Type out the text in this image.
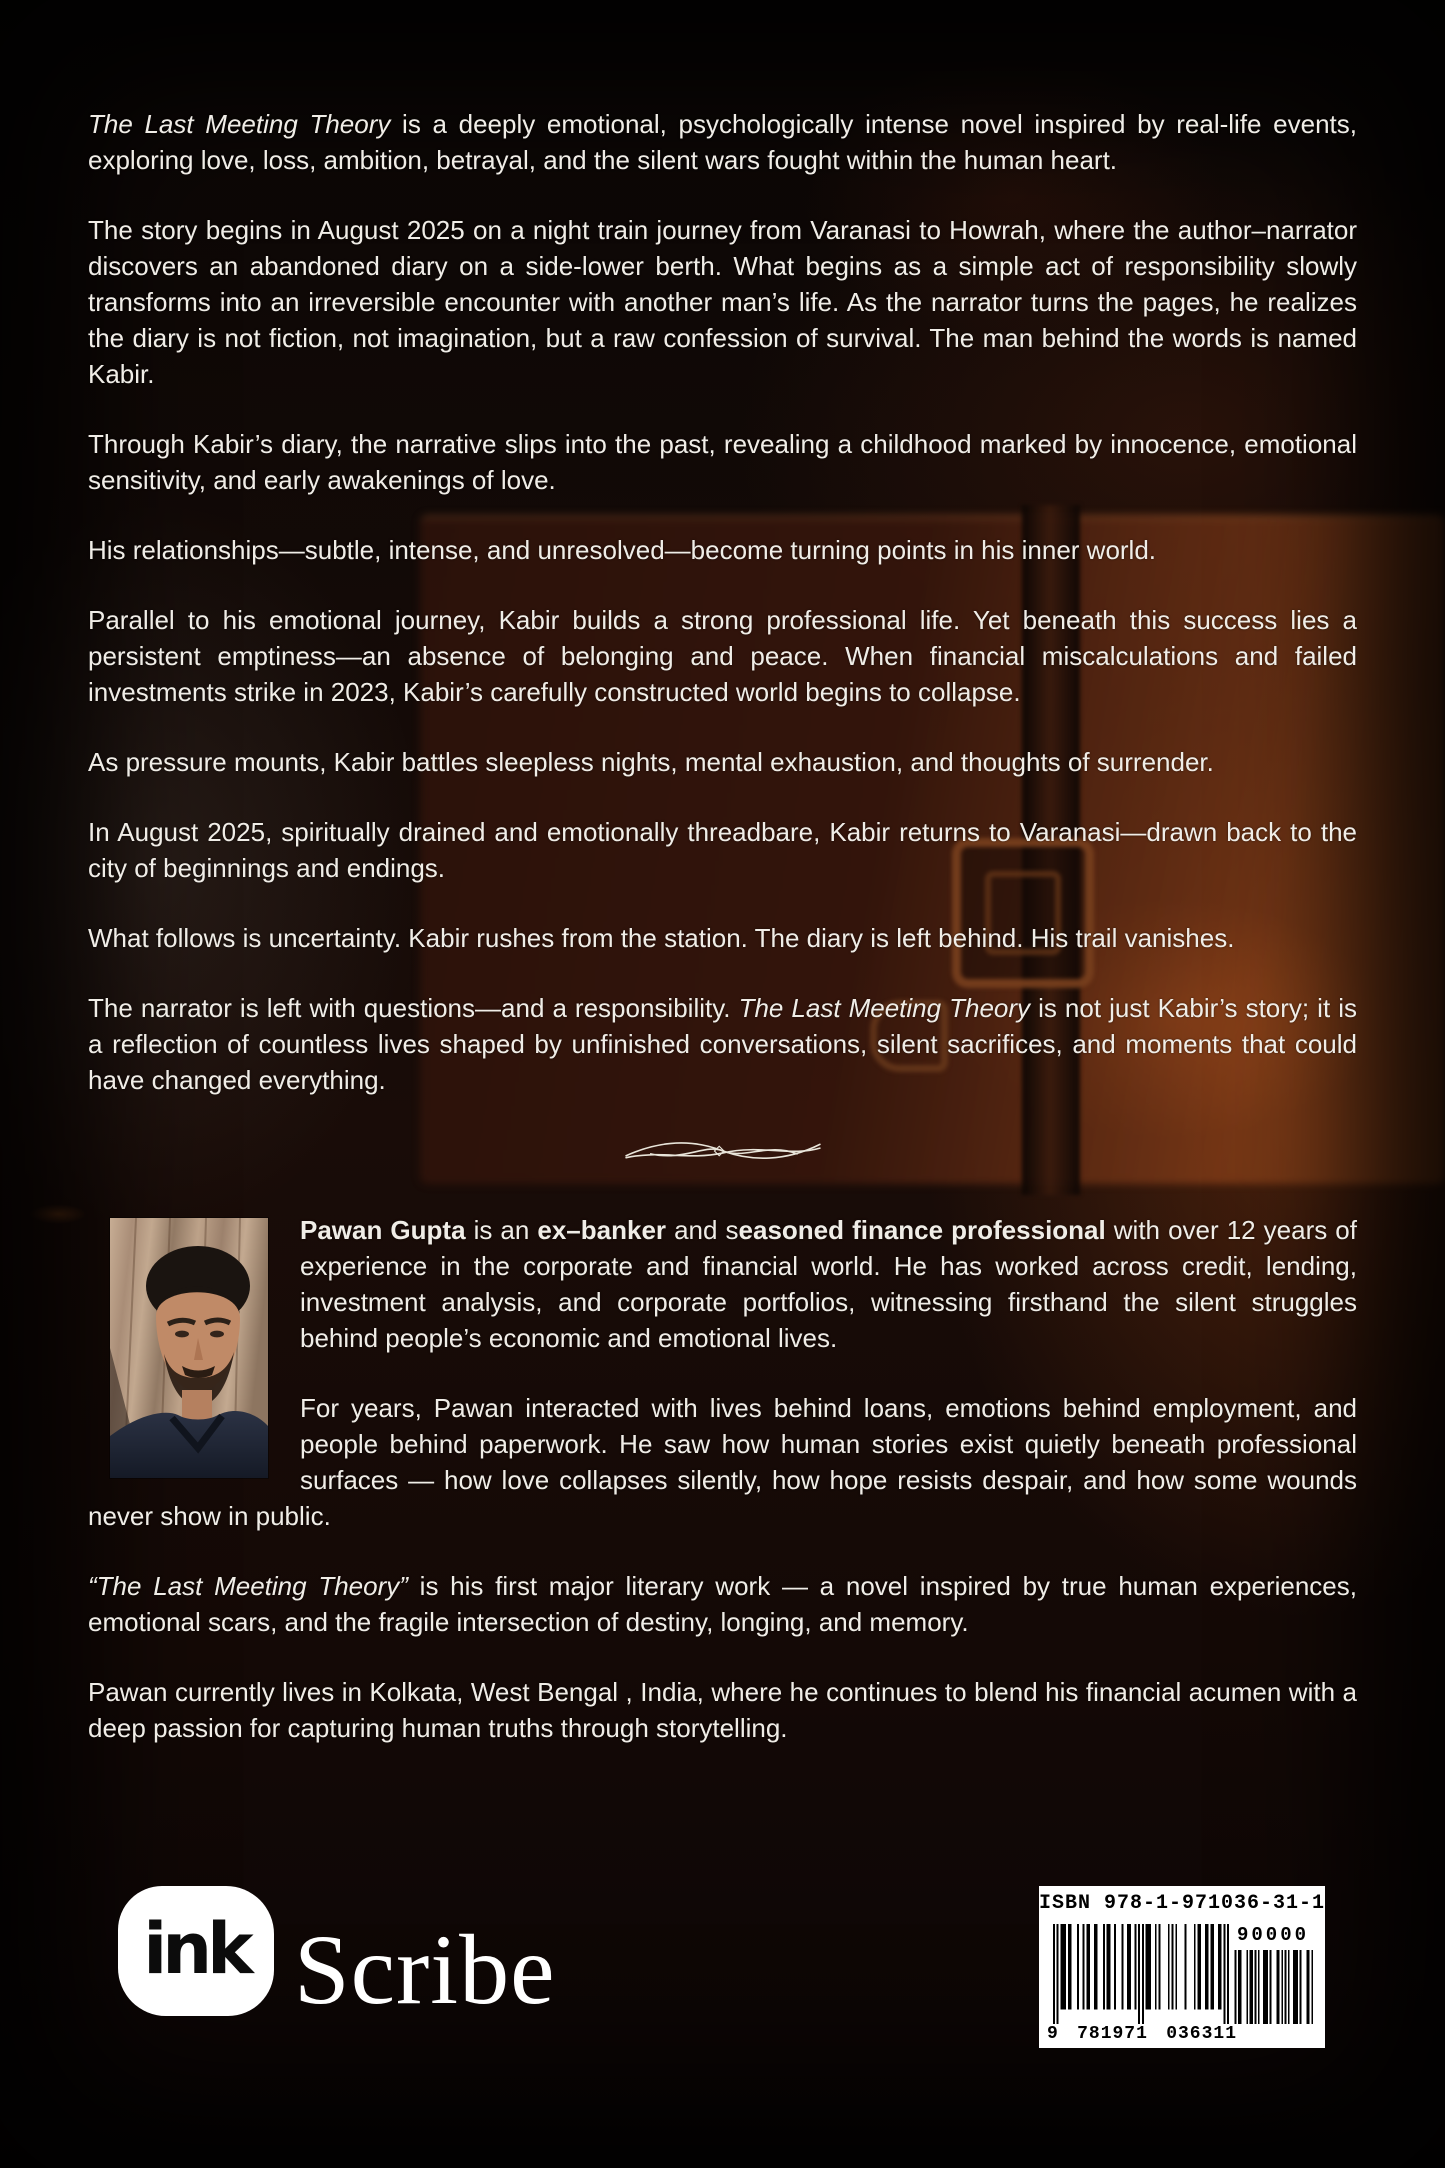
The Last Meeting Theory is a deeply emotional, psychologically intense novel inspired by real-life events, exploring love, loss, ambition, betrayal, and the silent wars fought within the human heart.

The story begins in August 2025 on a night train journey from Varanasi to Howrah, where the author–narrator discovers an abandoned diary on a side-lower berth. What begins as a simple act of responsibility slowly transforms into an irreversible encounter with another man’s life. As the narrator turns the pages, he realizes the diary is not fiction, not imagination, but a raw confession of survival. The man behind the words is named Kabir.

Through Kabir’s diary, the narrative slips into the past, revealing a childhood marked by innocence, emotional sensitivity, and early awakenings of love.

His relationships—subtle, intense, and unresolved—become turning points in his inner world.

Parallel to his emotional journey, Kabir builds a strong professional life. Yet beneath this success lies a persistent emptiness—an absence of belonging and peace. When financial miscalculations and failed investments strike in 2023, Kabir’s carefully constructed world begins to collapse.

As pressure mounts, Kabir battles sleepless nights, mental exhaustion, and thoughts of surrender.

In August 2025, spiritually drained and emotionally threadbare, Kabir returns to Varanasi—drawn back to the city of beginnings and endings.

What follows is uncertainty. Kabir rushes from the station. The diary is left behind. His trail vanishes.

The narrator is left with questions—and a responsibility. The Last Meeting Theory is not just Kabir’s story; it is a reflection of countless lives shaped by unfinished conversations, silent sacrifices, and moments that could have changed everything.

Pawan Gupta is an ex–banker and seasoned finance professional with over 12 years of experience in the corporate and financial world. He has worked across credit, lending, investment analysis, and corporate portfolios, witnessing firsthand the silent struggles behind people’s economic and emotional lives.

For years, Pawan interacted with lives behind loans, emotions behind employment, and people behind paperwork. He saw how human stories exist quietly beneath professional surfaces — how love collapses silently, how hope resists despair, and how some wounds never show in public.

“The Last Meeting Theory” is his first major literary work — a novel inspired by true human experiences, emotional scars, and the fragile intersection of destiny, longing, and memory.

Pawan currently lives in Kolkata, West Bengal , India, where he continues to blend his financial acumen with a deep passion for capturing human truths through storytelling.

ink Scribe
ISBN 978-1-971036-31-1
9 781971 036311
90000
